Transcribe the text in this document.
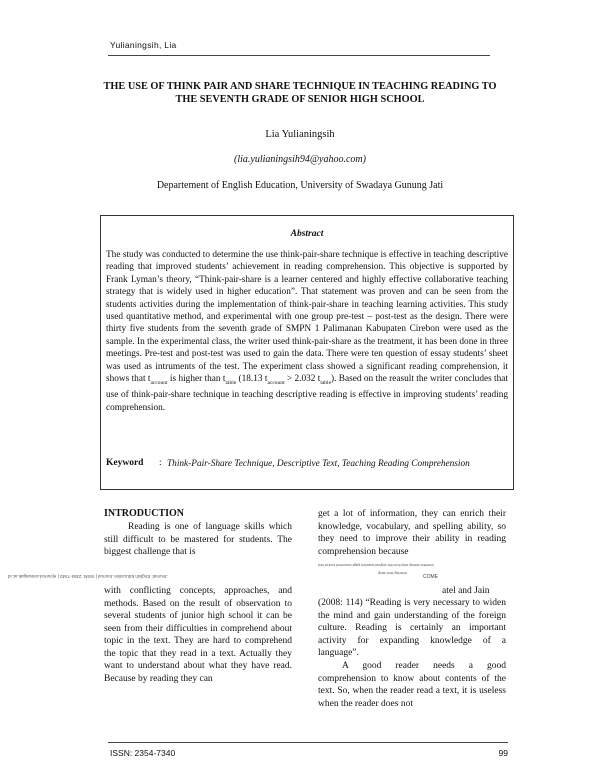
Yulianingsih, Lia
THE USE OF THINK PAIR AND SHARE TECHNIQUE IN TEACHING READING TO THE SEVENTH GRADE OF SENIOR HIGH SCHOOL
Lia Yulianingsih
(lia.yulianingsih94@yahoo.com)
Departement of English Education, University of Swadaya Gunung Jati
Abstract
The study was conducted to determine the use think-pair-share technique is effective in teaching descriptive reading that improved students’ achievement in reading comprehension. This objective is supported by Frank Lyman’s theory, “Think-pair-share is a learner centered and highly effective collaborative teaching strategy that is widely used in higher education”. That statement was proven and can be seen from the students activities during the implementation of think-pair-share in teaching learning activities. This study used quantitative method, and experimental with one group pre-test – post-test as the design. There were thirty five students from the seventh grade of SMPN 1 Palimanan Kabupaten Cirebon were used as the sample. In the experimental class, the writer used think-pair-share as the treatment, it has been done in three meetings. Pre-test and post-test was used to gain the data. There were ten question of essay students’ sheet was used as intruments of the test. The experiment class showed a significant reading comprehension, it shows that $t_{account}$ is higher than $t_{table}$ (18.13 $t_{account} > 2.032$ $t_{table}$). Based on the reasult the writer concludes that use of think-pair-share technique in teaching descriptive reading is effective in improving students’ reading comprehension.
Keyword : Think-Pair-Share Technique, Descriptive Text, Teaching Reading Comprehension
INTRODUCTION
Reading is one of language skills which still difficult to be mastered for students. The biggest challenge that is
with conflicting concepts, approaches, and methods. Based on the result of observation to several students of junior high school it can be seen from their difficulties in comprehend about topic in the text. They are hard to comprehend the topic that they read in a text. Actually they want to understand about what they have read. Because by reading they can
get a lot of information, they can enrich their knowledge, vocabulary, and spelling ability, so they need to improve their ability in reading comprehension because
atel and Jain
(2008: 114) “Reading is very necessary to widen the mind and gain understanding of the foreign culture. Reading is certainly an important activity for expanding knowledge of a language”.
A good reader needs a good comprehension to know about contents of the text. So, when the reader read a text, it is useless when the reader does not
Journal: English Education Journal | ISSN: 2354-7340 | ejournal.unswagati.ac.id
Inverted overlay strip from the original scanned page document source text
overlay text strip
COME
ISSN: 2354-7340	99
